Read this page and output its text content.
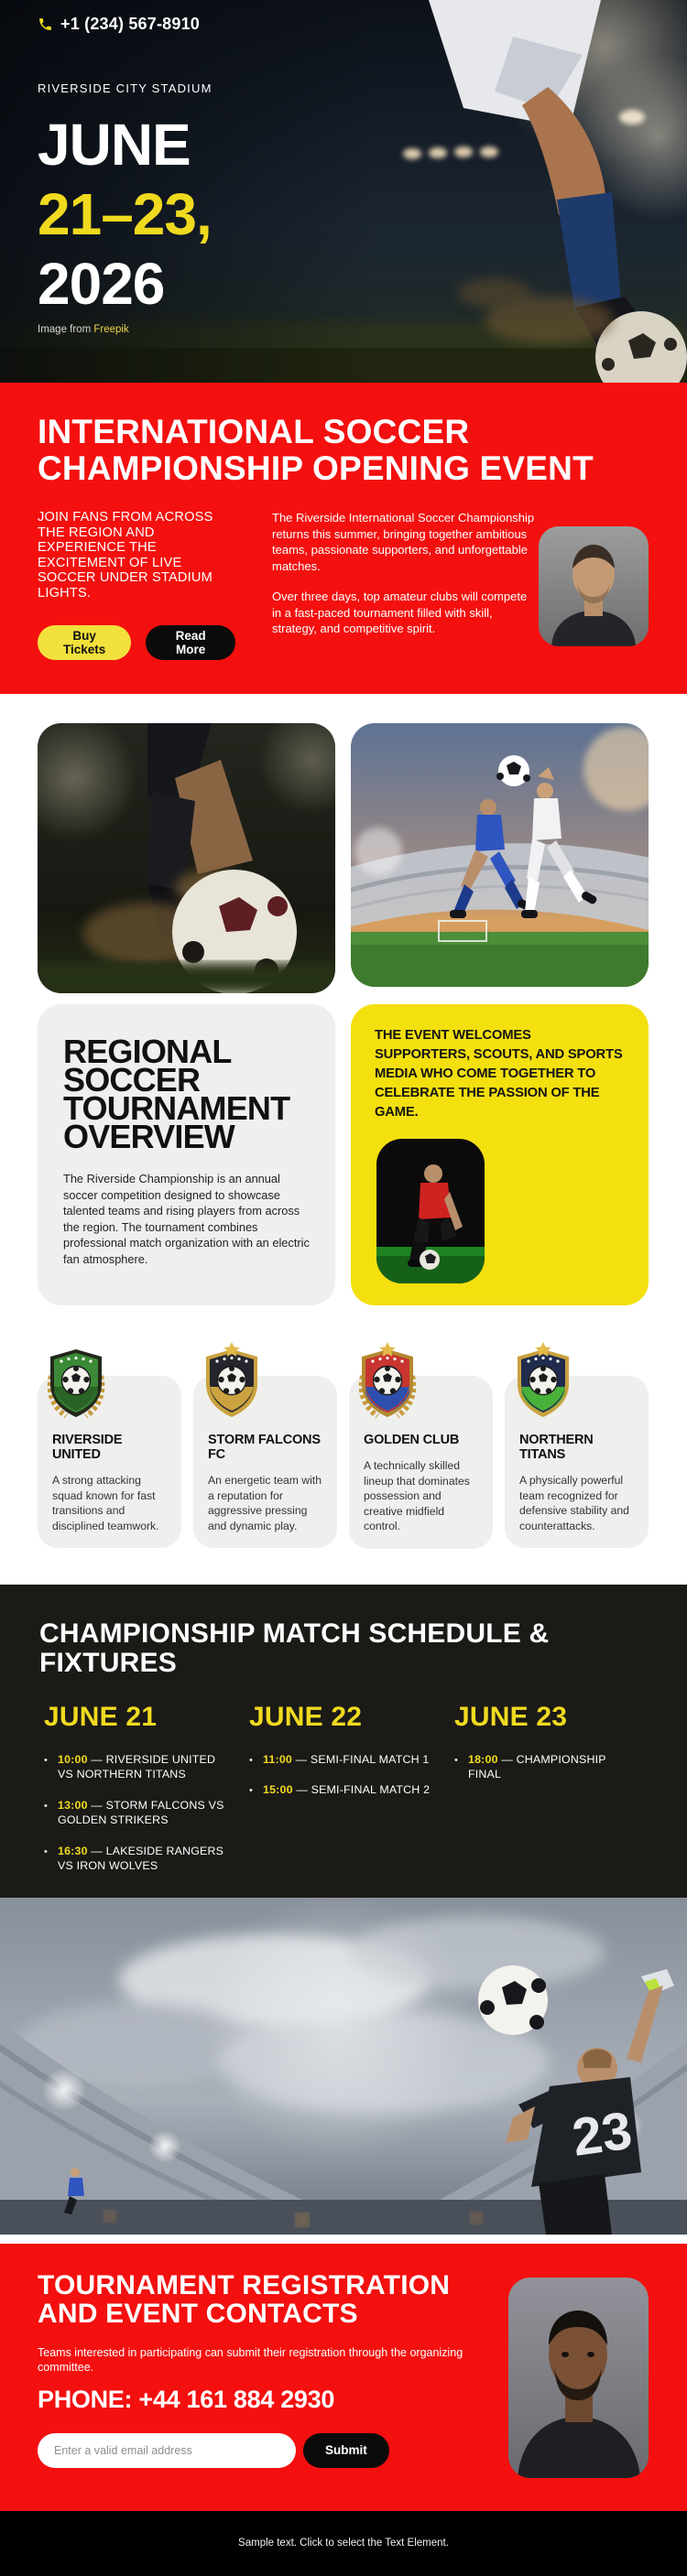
+1 (234) 567-8910
RIVERSIDE CITY STADIUM
JUNE
21–23,
2026
Image from Freepik
INTERNATIONAL SOCCER CHAMPIONSHIP OPENING EVENT
JOIN FANS FROM ACROSS THE REGION AND EXPERIENCE THE EXCITEMENT OF LIVE SOCCER UNDER STADIUM LIGHTS.
Buy Tickets
Read More

The Riverside International Soccer Championship returns this summer, bringing together ambitious teams, passionate supporters, and unforgettable matches.

Over three days, top amateur clubs will compete in a fast-paced tournament filled with skill, strategy, and competitive spirit.

REGIONAL SOCCER TOURNAMENT OVERVIEW

The Riverside Championship is an annual soccer competition designed to showcase talented teams and rising players from across the region. The tournament combines professional match organization with an electric fan atmosphere.

THE EVENT WELCOMES SUPPORTERS, SCOUTS, AND SPORTS MEDIA WHO COME TOGETHER TO CELEBRATE THE PASSION OF THE GAME.
RIVERSIDE UNITED
A strong attacking squad known for fast transitions and disciplined teamwork.
STORM FALCONS FC
An energetic team with a reputation for aggressive pressing and dynamic play.
GOLDEN CLUB
A technically skilled lineup that dominates possession and creative midfield control.
NORTHERN TITANS
A physically powerful team recognized for defensive stability and counterattacks.
CHAMPIONSHIP MATCH SCHEDULE & FIXTURES
JUNE 21
• 10:00 — RIVERSIDE UNITED VS NORTHERN TITANS
• 13:00 — STORM FALCONS VS GOLDEN STRIKERS
• 16:30 — LAKESIDE RANGERS VS IRON WOLVES
JUNE 22
• 11:00 — SEMI-FINAL MATCH 1
• 15:00 — SEMI-FINAL MATCH 2
JUNE 23
• 18:00 — CHAMPIONSHIP FINAL
23
TOURNAMENT REGISTRATION AND EVENT CONTACTS

Teams interested in participating can submit their registration through the organizing committee.

PHONE: +44 161 884 2930
Enter a valid email address
Submit
Sample text. Click to select the Text Element.
